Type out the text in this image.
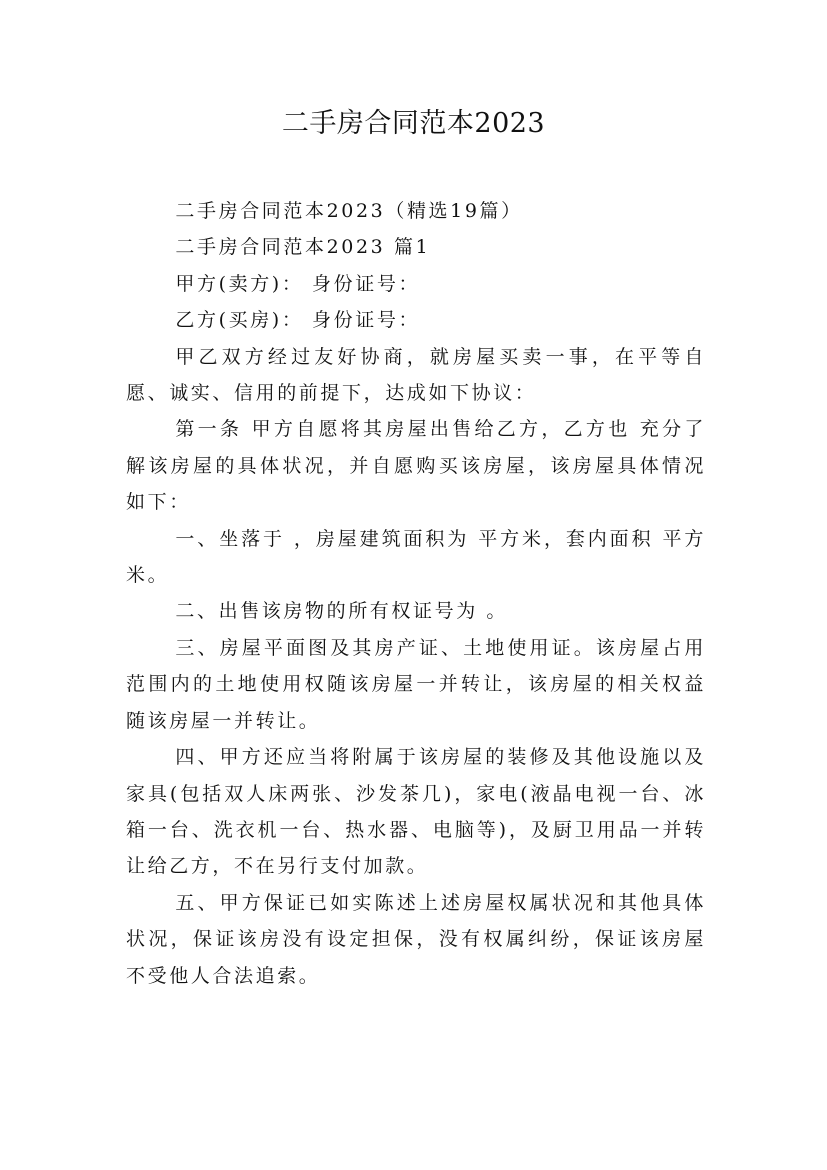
二手房合同范本2023

二手房合同范本2023（精选19篇）

二手房合同范本2023 篇1

甲方(卖方)： 身份证号：

乙方(买房)： 身份证号：

甲乙双方经过友好协商，就房屋买卖一事，在平等自愿、诚实、信用的前提下，达成如下协议：

第一条 甲方自愿将其房屋出售给乙方，乙方也 充分了解该房屋的具体状况，并自愿购买该房屋，该房屋具体情况如下：

一、坐落于 ，房屋建筑面积为 平方米，套内面积 平方米。

二、出售该房物的所有权证号为 。

三、房屋平面图及其房产证、土地使用证。该房屋占用范围内的土地使用权随该房屋一并转让，该房屋的相关权益随该房屋一并转让。

四、甲方还应当将附属于该房屋的装修及其他设施以及家具(包括双人床两张、沙发茶几)，家电(液晶电视一台、冰箱一台、洗衣机一台、热水器、电脑等)，及厨卫用品一并转让给乙方，不在另行支付加款。

五、甲方保证已如实陈述上述房屋权属状况和其他具体状况，保证该房没有设定担保，没有权属纠纷，保证该房屋不受他人合法追索。
